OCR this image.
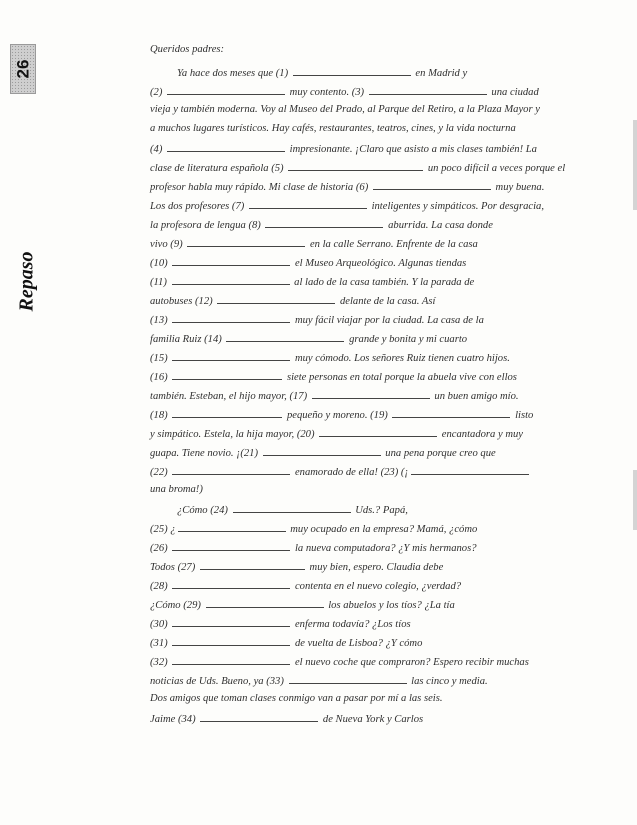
26
Repaso
Queridos padres:
Ya hace dos meses que (1)	en Madrid y
(2)	muy contento. (3)	una ciudad
vieja y también moderna. Voy al Museo del Prado, al Parque del Retiro, a la Plaza Mayor y
a muchos lugares turísticos. Hay cafés, restaurantes, teatros, cines, y la vida nocturna
(4)	impresionante. ¡Claro que asisto a mis clases también! La
clase de literatura española (5)	un poco difícil a veces porque el
profesor habla muy rápido. Mi clase de historia (6)	muy buena.
Los dos profesores (7)	inteligentes y simpáticos. Por desgracia,
la profesora de lengua (8)	aburrida. La casa donde
vivo (9)	en la calle Serrano. Enfrente de la casa
(10)	el Museo Arqueológico. Algunas tiendas
(11)	al lado de la casa también. Y la parada de
autobuses (12)	delante de la casa. Así
(13)	muy fácil viajar por la ciudad. La casa de la
familia Ruiz (14)	grande y bonita y mi cuarto
(15)	muy cómodo. Los señores Ruiz tienen cuatro hijos.
(16)	siete personas en total porque la abuela vive con ellos
también. Esteban, el hijo mayor, (17)	un buen amigo mío.
(18)	pequeño y moreno. (19)	listo
y simpático. Estela, la hija mayor, (20)	encantadora y muy
guapa. Tiene novio. ¡(21)	una pena porque creo que
(22)	enamorado de ella! (23) (¡
una broma!)
¿Cómo (24)	Uds.? Papá,
(25) ¿	muy ocupado en la empresa? Mamá, ¿cómo
(26)	la nueva computadora? ¿Y mis hermanos?
Todos (27)	muy bien, espero. Claudia debe
(28)	contenta en el nuevo colegio, ¿verdad?
¿Cómo (29)	los abuelos y los tíos? ¿La tía
(30)	enferma todavía? ¿Los tíos
(31)	de vuelta de Lisboa? ¿Y cómo
(32)	el nuevo coche que compraron? Espero recibir muchas
noticias de Uds. Bueno, ya (33)	las cinco y media.
Dos amigos que toman clases conmigo van a pasar por mí a las seis.
Jaime (34)	de Nueva York y Carlos
